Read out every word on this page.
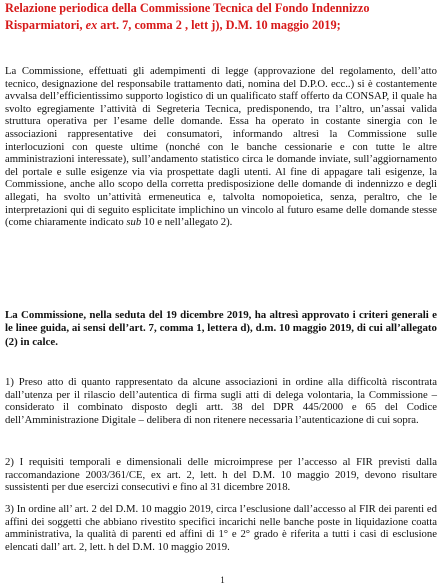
Relazione periodica della Commissione Tecnica del Fondo Indennizzo Risparmiatori, ex art. 7, comma 2 , lett j), D.M. 10 maggio 2019;

La Commissione, effettuati gli adempimenti di legge (approvazione del regolamento, dell’atto tecnico, designazione del responsabile trattamento dati, nomina del D.P.O. ecc..) si è costantemente avvalsa dell’efficientissimo supporto logistico di un qualificato staff offerto da CONSAP, il quale ha svolto egregiamente l’attività di Segreteria Tecnica, predisponendo, tra l’altro, un’assai valida struttura operativa per l’esame delle domande. Essa ha operato in costante sinergia con le associazioni rappresentative dei consumatori, informando altresì la Commissione sulle interlocuzioni con queste ultime (nonché con le banche cessionarie e con tutte le altre amministrazioni interessate), sull’andamento statistico circa le domande inviate, sull’aggiornamento del portale e sulle esigenze via via prospettate dagli utenti. Al fine di appagare tali esigenze, la Commissione, anche allo scopo della corretta predisposizione delle domande di indennizzo e degli allegati, ha svolto un’attività ermeneutica e, talvolta nomopoietica, senza, peraltro, che le interpretazioni qui di seguito esplicitate implichino un vincolo al futuro esame delle domande stesse (come chiaramente indicato sub 10 e nell’allegato 2).

La Commissione, nella seduta del 19 dicembre 2019, ha altresì approvato i criteri generali e le linee guida, ai sensi dell’art. 7, comma 1, lettera d), d.m. 10 maggio 2019, di cui all’allegato (2) in calce.

1) Preso atto di quanto rappresentato da alcune associazioni in ordine alla difficoltà riscontrata dall’utenza per il rilascio dell’autentica di firma sugli atti di delega volontaria, la Commissione – considerato il combinato disposto degli artt. 38 del DPR 445/2000 e 65 del Codice dell’Amministrazione Digitale – delibera di non ritenere necessaria l’autenticazione di cui sopra.

2) I requisiti temporali e dimensionali delle microimprese per l’accesso al FIR previsti dalla raccomandazione 2003/361/CE, ex art. 2, lett. h del D.M. 10 maggio 2019, devono risultare sussistenti per due esercizi consecutivi e fino al 31 dicembre 2018.

3) In ordine all’ art. 2 del D.M. 10 maggio 2019, circa l’esclusione dall’accesso al FIR dei parenti ed affini dei soggetti che abbiano rivestito specifici incarichi nelle banche poste in liquidazione coatta amministrativa, la qualità di parenti ed affini di 1° e 2° grado è riferita a tutti i casi di esclusione elencati dall’ art. 2, lett. h del D.M. 10 maggio 2019.

1
